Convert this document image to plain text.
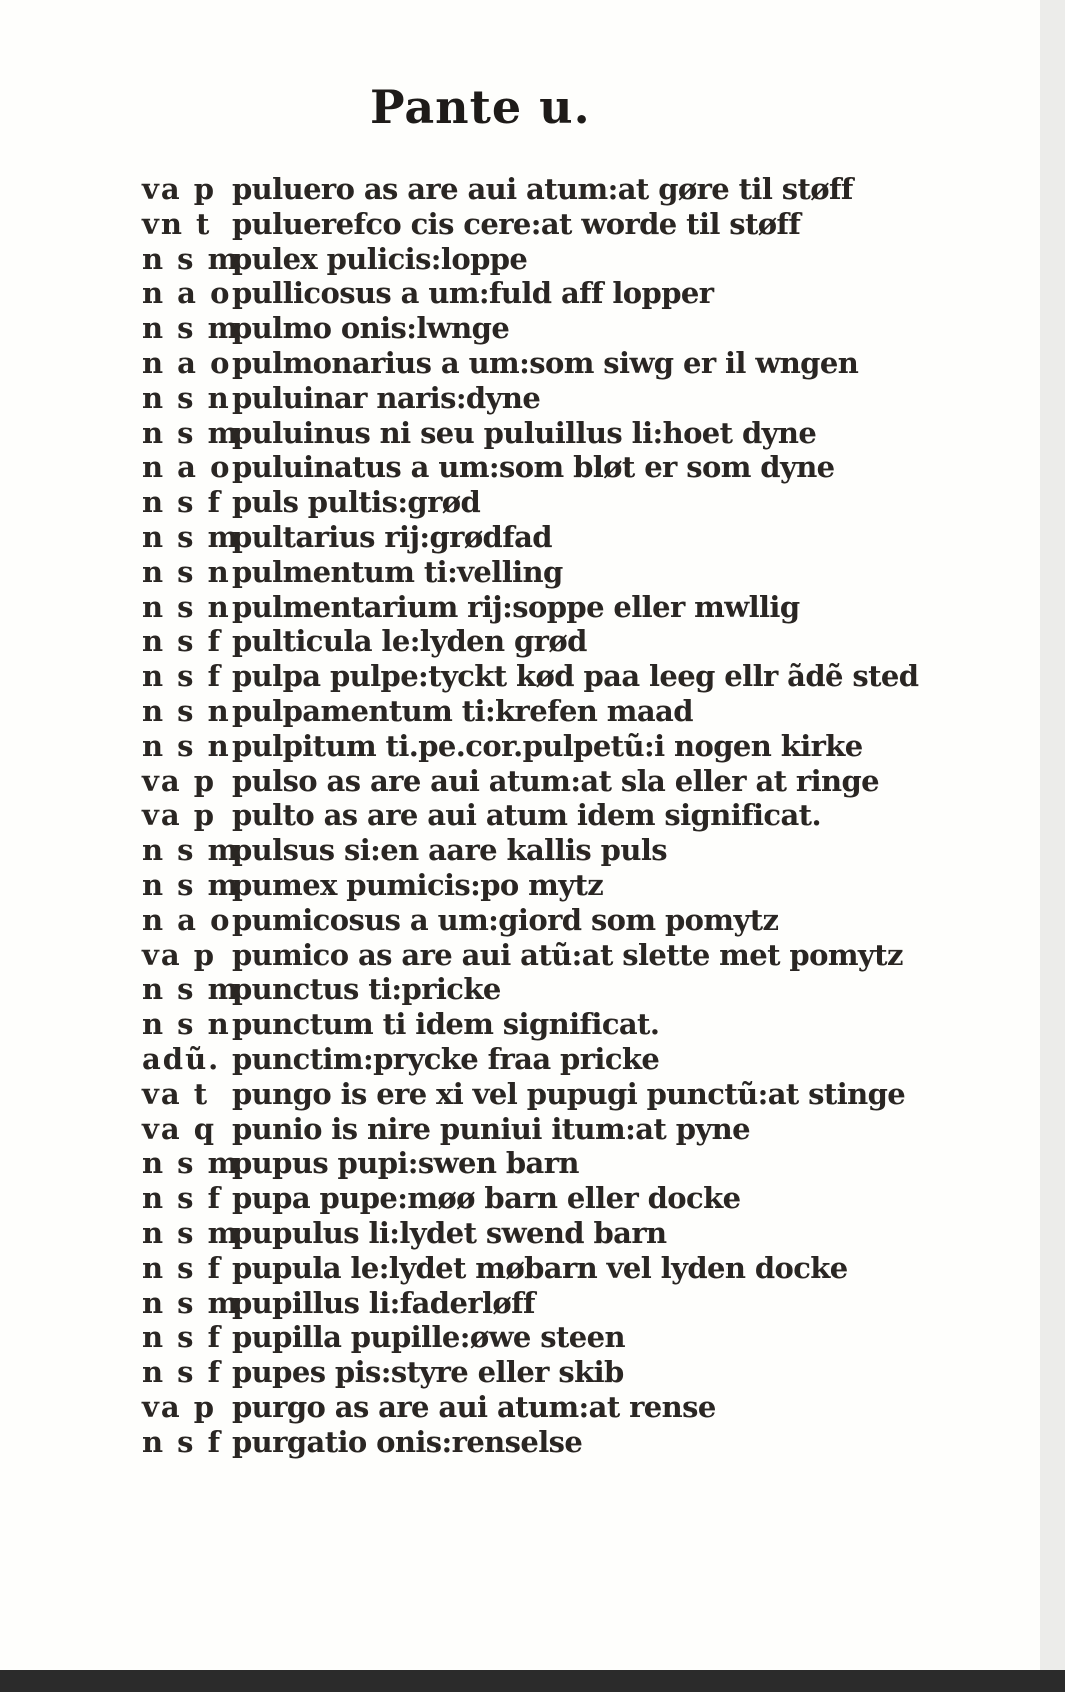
Pante u.
va p puluero as are aui atum:at gøre til støff
vn t puluerefco cis cere:at worde til støff
n s m
pulex pulicis:loppe
n a o pullicosus a um:fuld aff lopper
n s m
pulmo onis:lwnge
n a o pulmonarius a um:som siwg er il wngen
n s n puluinar naris:dyne
n s m
puluinus ni seu puluillus li:hoet dyne
n a o puluinatus a um:som bløt er som dyne
n s f puls pultis:grød
n s m
pultarius rij:grødfad
n s n pulmentum ti:velling
n s n pulmentarium rij:soppe eller mwllig
n s f pulticula le:lyden grød
n s f pulpa pulpe:tyckt kød paa leeg ellr ãdẽ sted
n s n pulpamentum ti:krefen maad
n s n pulpitum ti.pe.cor.pulpetũ:i nogen kirke
va p pulso as are aui atum:at sla eller at ringe
va p pulto as are aui atum idem significat.
n s m
pulsus si:en aare kallis puls
n s m
pumex pumicis:po mytz
n a o pumicosus a um:giord som pomytz
va p pumico as are aui atũ:at slette met pomytz
n s m
punctus ti:pricke
n s n punctum ti idem significat.
adũ. punctim:prycke fraa pricke
va t pungo is ere xi vel pupugi punctũ:at stinge
va q punio is nire puniui itum:at pyne
n s m
pupus pupi:swen barn
n s f pupa pupe:møø barn eller docke
n s m
pupulus li:lydet swend barn
n s f pupula le:lydet møbarn vel lyden docke
n s m
pupillus li:faderløff
n s f pupilla pupille:øwe steen
n s f pupes pis:styre eller skib
va p purgo as are aui atum:at rense
n s f purgatio onis:renselse
